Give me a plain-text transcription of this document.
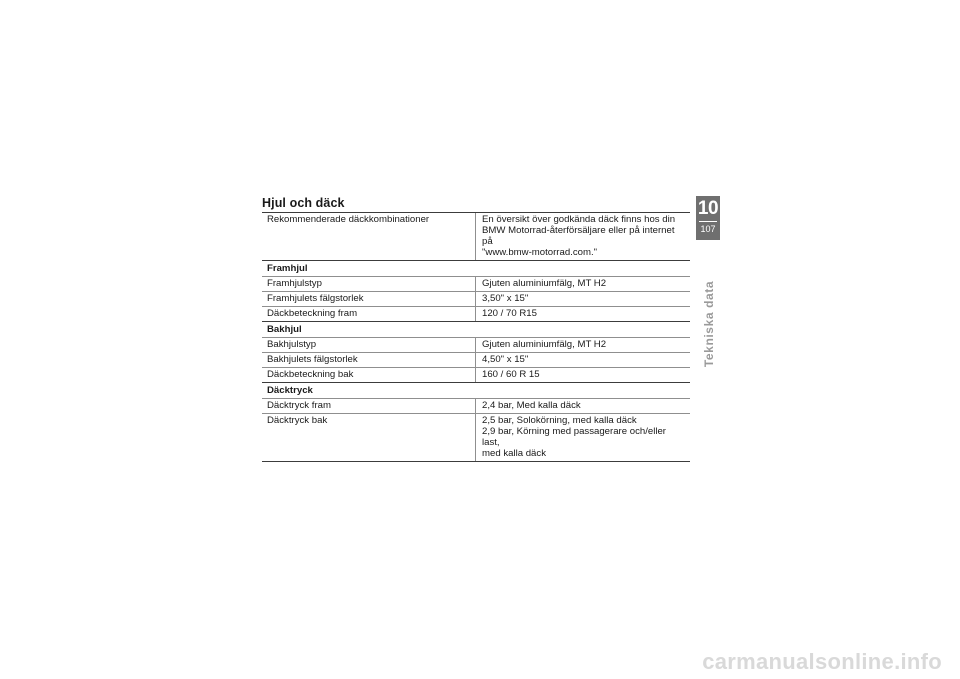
Hjul och däck
Rekommenderade däckkombinationer	En översikt över godkända däck finns hos din
BMW Motorrad-återförsäljare eller på internet på
"www.bmw-motorrad.com."
Framhjul
Framhjulstyp	Gjuten aluminiumfälg, MT H2
Framhjulets fälgstorlek	3,50" x 15"
Däckbeteckning fram	120 / 70 R15
Bakhjul
Bakhjulstyp	Gjuten aluminiumfälg, MT H2
Bakhjulets fälgstorlek	4,50" x 15"
Däckbeteckning bak	160 / 60 R 15
Däcktryck
Däcktryck fram	2,4 bar, Med kalla däck
Däcktryck bak	2,5 bar, Solokörning, med kalla däck
2,9 bar, Körning med passagerare och/eller last,
med kalla däck
10
107
Tekniska data
carmanualsonline.info
